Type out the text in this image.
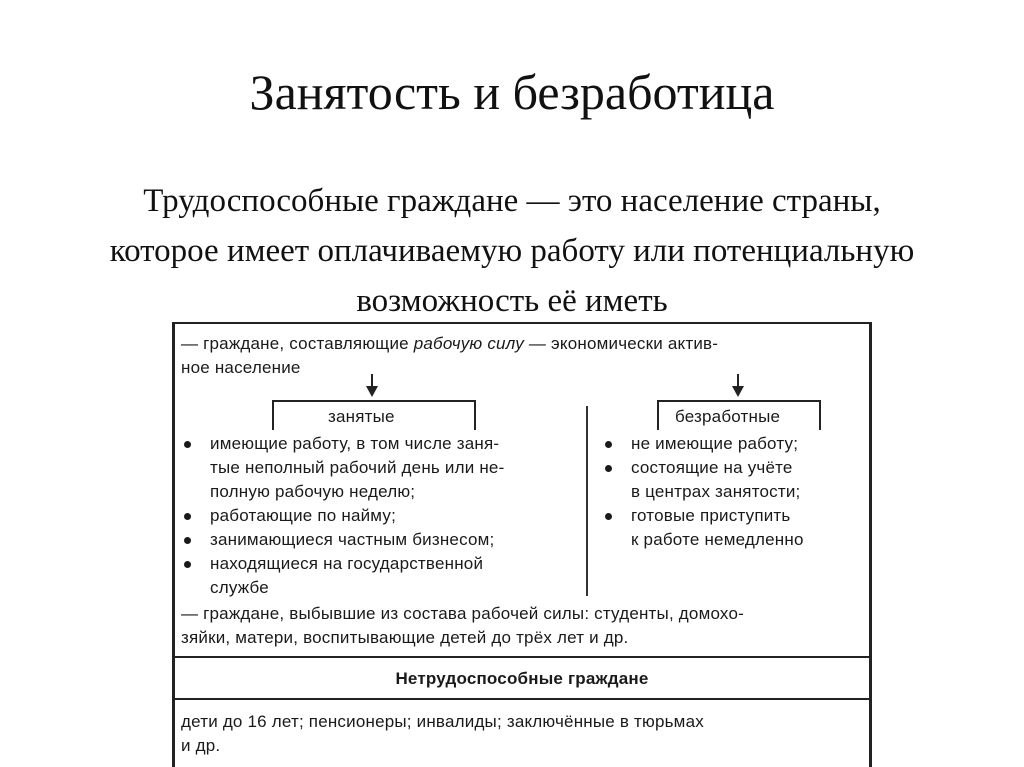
Занятость и безработица
Трудоспособные граждане — это население страны,
которое имеет оплачиваемую работу или потенциальную
возможность её иметь
— граждане, составляющие рабочую силу — экономически актив-
ное население
занятые	безработные
имеющие работу, в том числе заня-
тые неполный рабочий день или не-
полную рабочую неделю;
работающие по найму;
занимающиеся частным бизнесом;
находящиеся на государственной
службе
не имеющие работу;
состоящие на учёте
в центрах занятости;
готовые приступить
к работе немедленно
— граждане, выбывшие из состава рабочей силы: студенты, домохо-
зяйки, матери, воспитывающие детей до трёх лет и др.
Нетрудоспособные граждане
дети до 16 лет; пенсионеры; инвалиды; заключённые в тюрьмах
и др.
